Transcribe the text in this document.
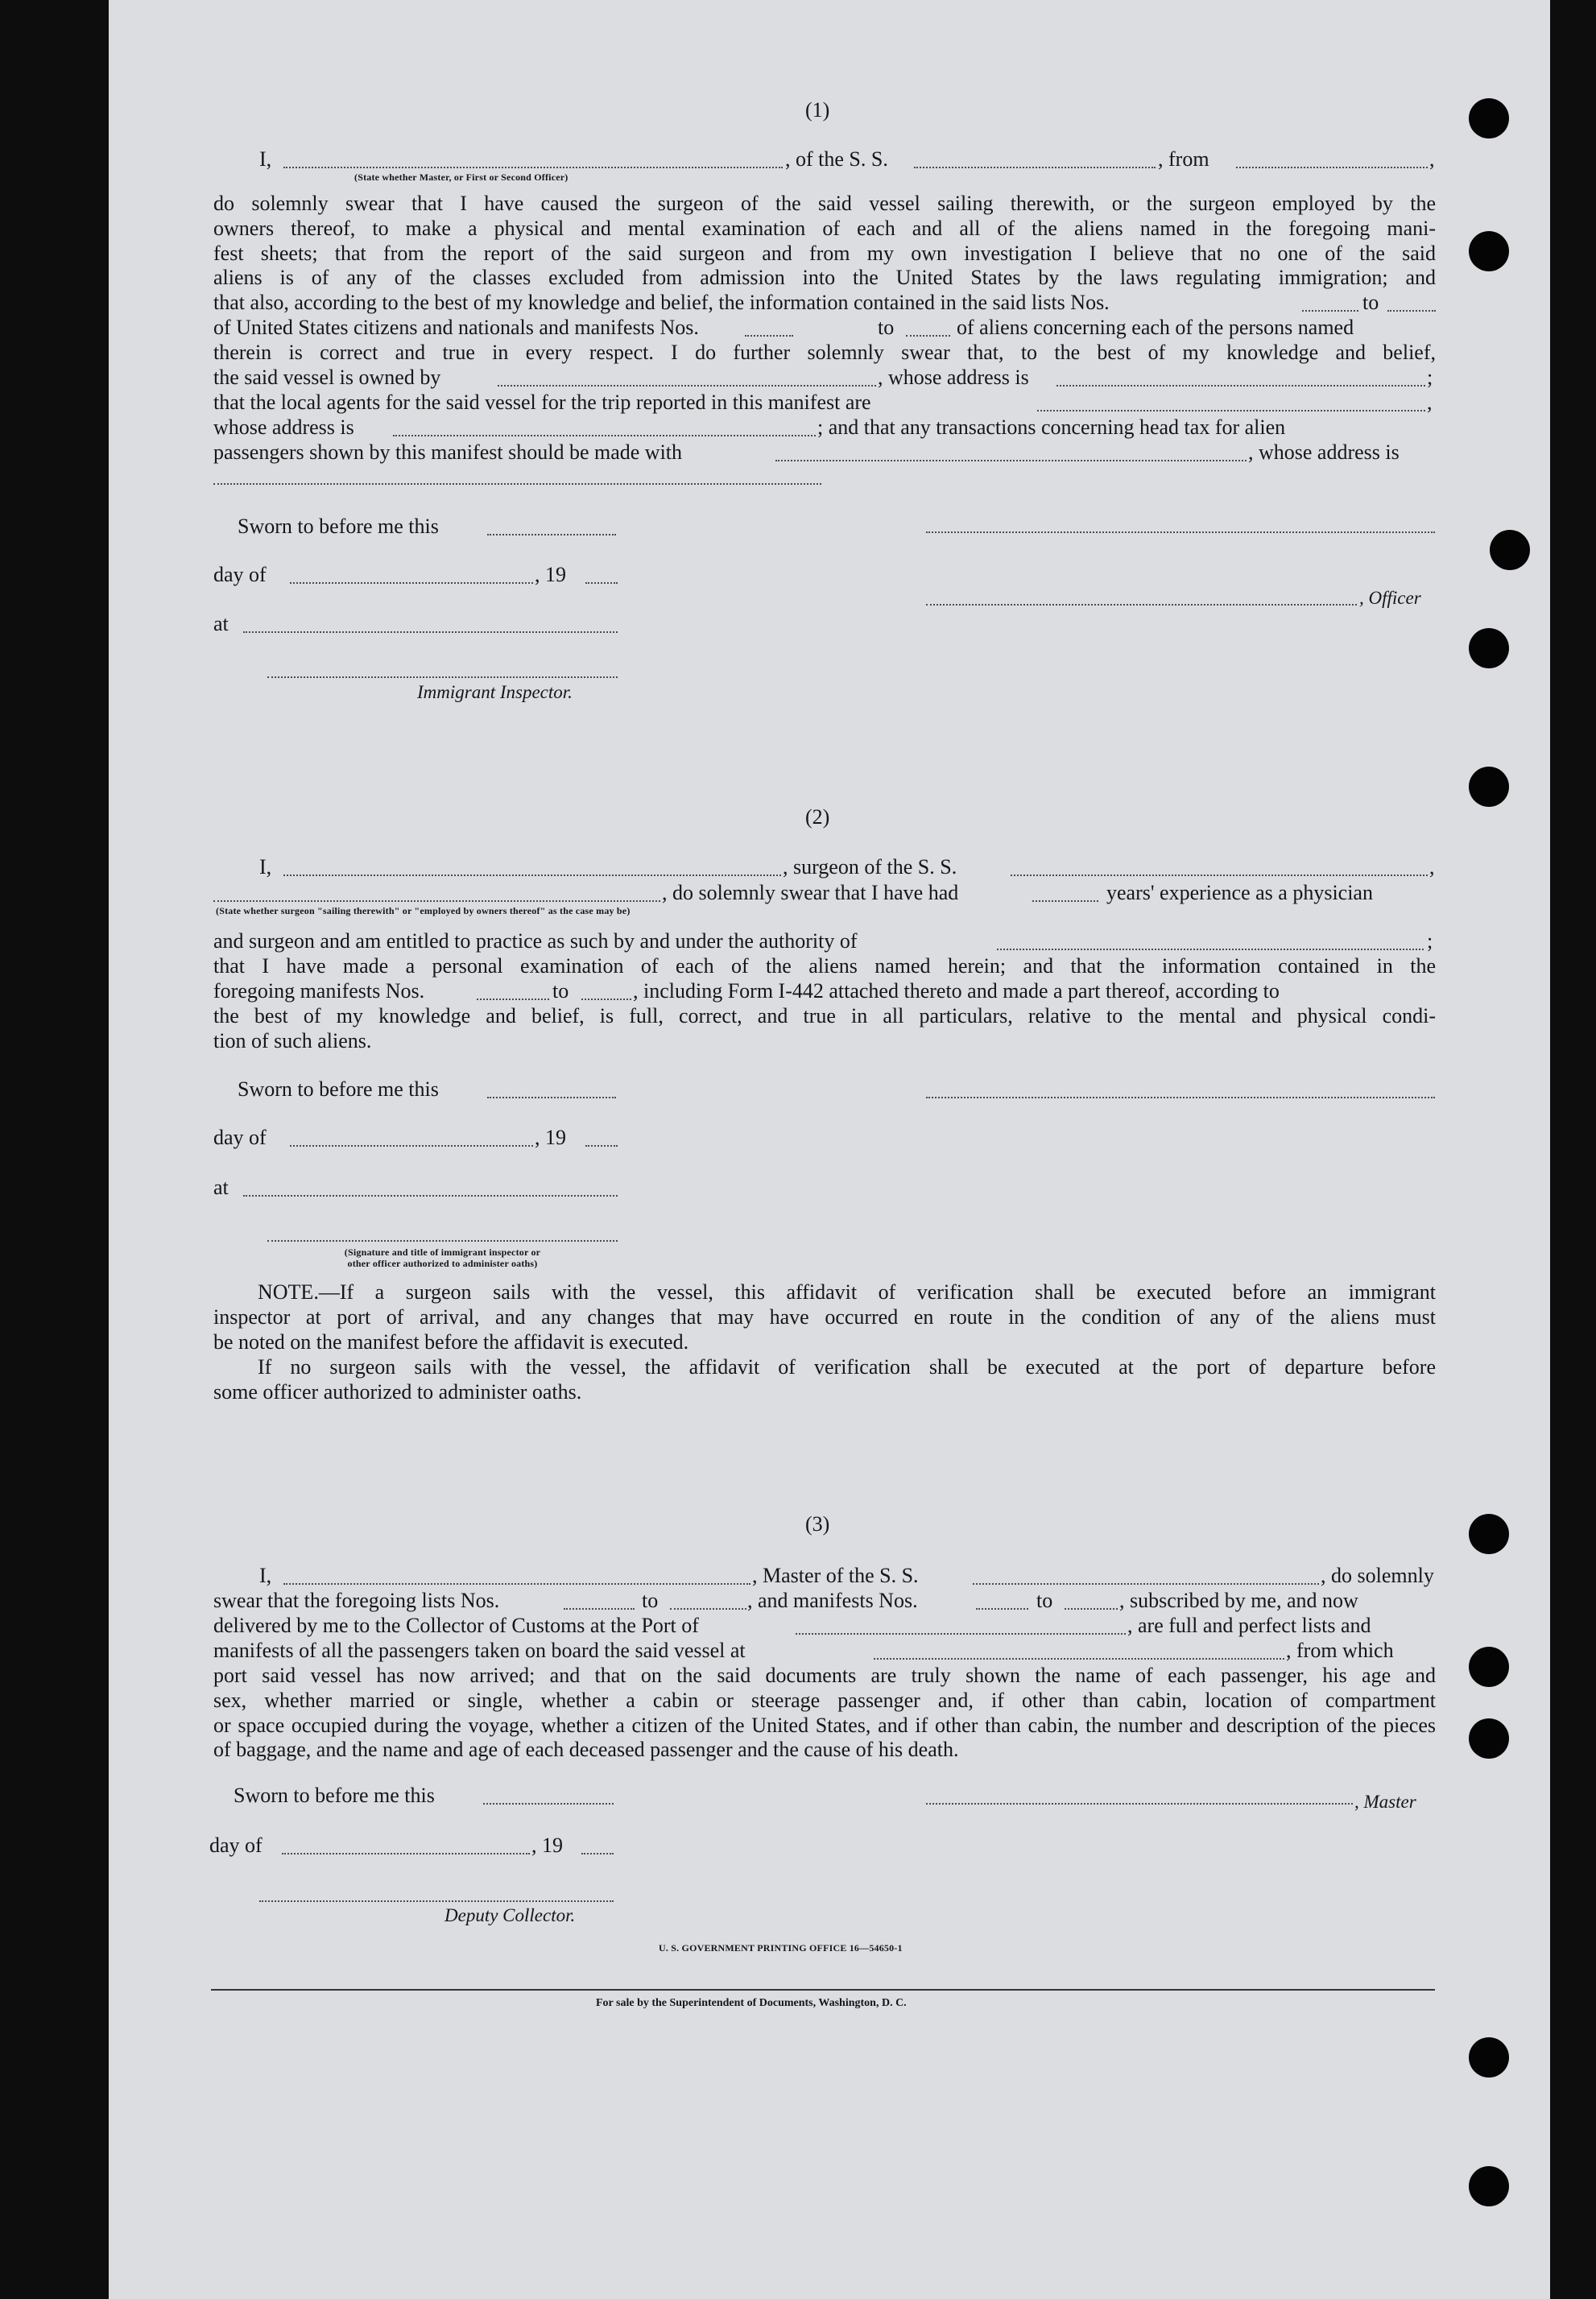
(1)
I,	, of the S. S.	, from	,
(State whether Master, or First or Second Officer)
do solemnly swear that I have caused the surgeon of the said vessel sailing therewith, or the surgeon employed by the
owners thereof, to make a physical and mental examination of each and all of the aliens named in the foregoing mani-
fest sheets; that from the report of the said surgeon and from my own investigation I believe that no one of the said
aliens is of any of the classes excluded from admission into the United States by the laws regulating immigration; and
that also, according to the best of my knowledge and belief, the information contained in the said lists Nos.	to
of United States citizens and nationals and manifests Nos.	to	of aliens concerning each of the persons named
therein is correct and true in every respect. I do further solemnly swear that, to the best of my knowledge and belief,
the said vessel is owned by	, whose address is	;
that the local agents for the said vessel for the trip reported in this manifest are	,
whose address is	; and that any transactions concerning head tax for alien
passengers shown by this manifest should be made with	, whose address is
Sworn to before me this
day of	, 19
, Officer
at
Immigrant Inspector.
(2)
I,	, surgeon of the S. S.	,
, do solemnly swear that I have had	years' experience as a physician
(State whether surgeon "sailing therewith" or "employed by owners thereof" as the case may be)
and surgeon and am entitled to practice as such by and under the authority of	;
that I have made a personal examination of each of the aliens named herein; and that the information contained in the
foregoing manifests Nos.	to	, including Form I-442 attached thereto and made a part thereof, according to
the best of my knowledge and belief, is full, correct, and true in all particulars, relative to the mental and physical condi-
tion of such aliens.
Sworn to before me this
day of	, 19
at
(Signature and title of immigrant inspector or
other officer authorized to administer oaths)
NOTE.—If a surgeon sails with the vessel, this affidavit of verification shall be executed before an immigrant
inspector at port of arrival, and any changes that may have occurred en route in the condition of any of the aliens must
be noted on the manifest before the affidavit is executed.
If no surgeon sails with the vessel, the affidavit of verification shall be executed at the port of departure before
some officer authorized to administer oaths.
(3)
I,	, Master of the S. S.	, do solemnly
swear that the foregoing lists Nos.	to	, and manifests Nos.	to	, subscribed by me, and now
delivered by me to the Collector of Customs at the Port of	, are full and perfect lists and
manifests of all the passengers taken on board the said vessel at	, from which
port said vessel has now arrived; and that on the said documents are truly shown the name of each passenger, his age and
sex, whether married or single, whether a cabin or steerage passenger and, if other than cabin, location of compartment
or space occupied during the voyage, whether a citizen of the United States, and if other than cabin, the number and description of the pieces
of baggage, and the name and age of each deceased passenger and the cause of his death.
Sworn to before me this	, Master
day of	, 19
Deputy Collector.
U. S. GOVERNMENT PRINTING OFFICE 16—54650-1
For sale by the Superintendent of Documents, Washington, D. C.
